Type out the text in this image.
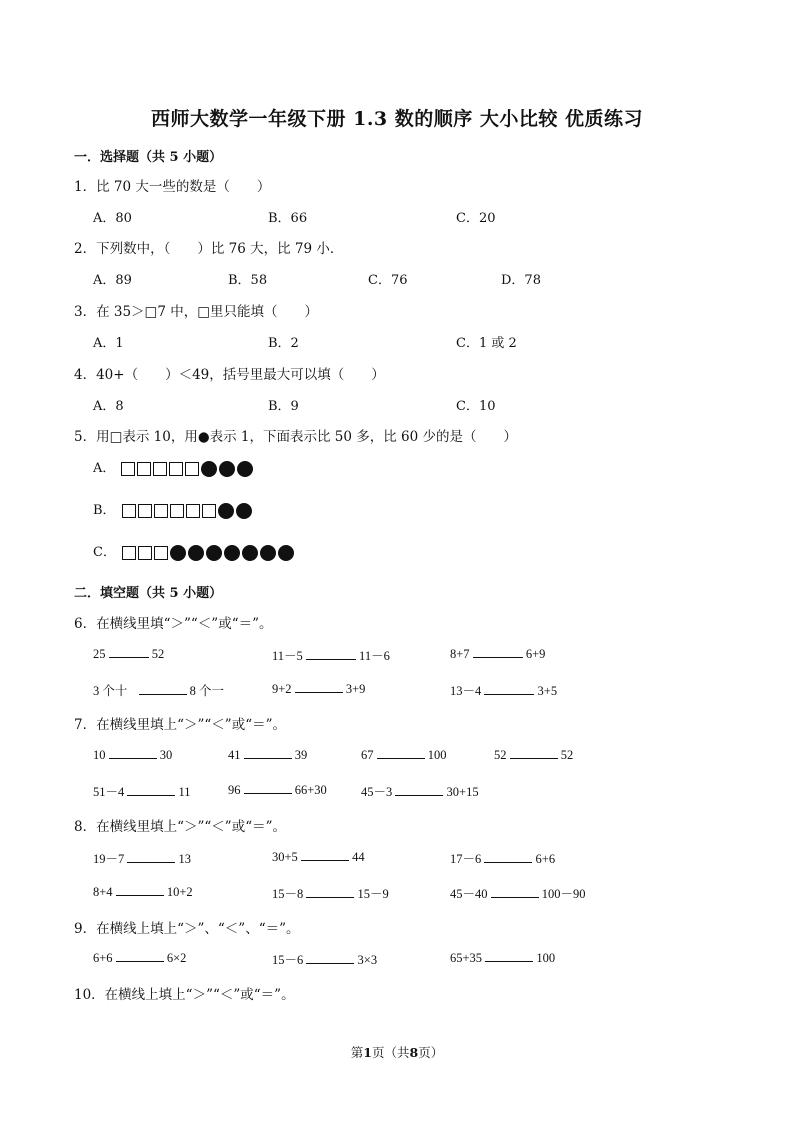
西师大数学一年级下册 1.3 数的顺序 大小比较 优质练习
一．选择题（共 5 小题）
1．比 70 大一些的数是（　　）
A．80	B．66	C．20
2．下列数中，（　　）比 76 大，比 79 小．
A．89	B．58	C．76	D．78
3．在 35＞□7 中，□里只能填（　　）
A．1	B．2	C．1 或 2
4．40+（　　）＜49，括号里最大可以填（　　）
A．8	B．9	C．10
5．用□表示 10，用●表示 1，下面表示比 50 多，比 60 少的是（　　）
A．
B．
C．
二．填空题（共 5 小题）
6．在横线里填“＞”“＜”或“＝”。
25	52	11－5	11－6	8+7	6+9
3 个十	8 个一	9+2	3+9	13－4	3+5
7．在横线里填上“＞”“＜”或“＝”。
10	30	41	39	67	100	52	52
51－4	11	96	66+30	45－3	30+15
8．在横线里填上“＞”“＜”或“＝”。
19－7	13	30+5	44	17－6	6+6
8+4	10+2	15－8	15－9	45－40	100－90
9．在横线上填上“＞”、“＜”、“＝”。
6+6	6×2	15－6	3×3	65+35	100
10．在横线上填上“＞”“＜”或“＝”。
第1页（共8页）
